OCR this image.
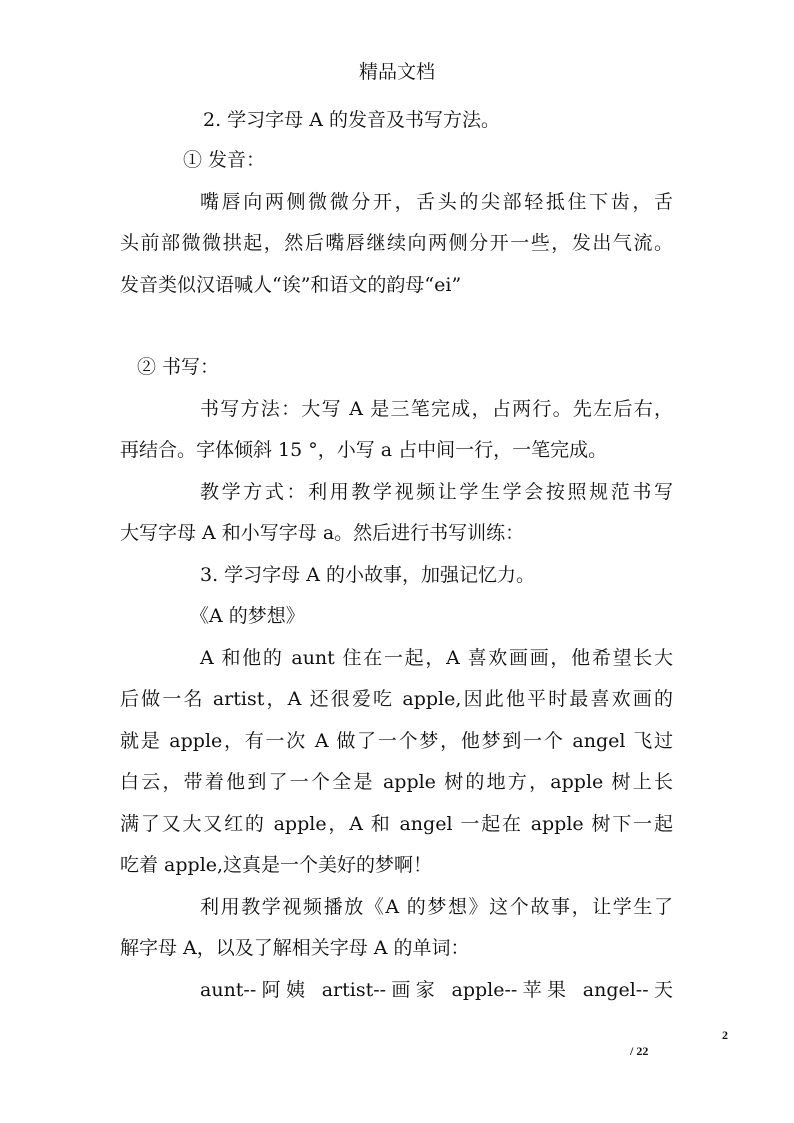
精品文档
2. 学习字母 A 的发音及书写方法。
① 发音：
嘴唇向两侧微微分开，舌头的尖部轻抵住下齿，舌
头前部微微拱起，然后嘴唇继续向两侧分开一些，发出气流。
发音类似汉语喊人“诶”和语文的韵母“ei”
② 书写：
书写方法：大写 A 是三笔完成，占两行。先左后右，
再结合。字体倾斜 15 °，小写 a 占中间一行，一笔完成。
教学方式：利用教学视频让学生学会按照规范书写
大写字母 A 和小写字母 a。然后进行书写训练：
3. 学习字母 A 的小故事，加强记忆力。
《A 的梦想》
A 和他的 aunt 住在一起，A 喜欢画画，他希望长大
后做一名 artist，A 还很爱吃 apple,因此他平时最喜欢画的
就是 apple，有一次 A 做了一个梦，他梦到一个 angel 飞过
白云，带着他到了一个全是 apple 树的地方，apple 树上长
满了又大又红的 apple，A 和 angel 一起在 apple 树下一起
吃着 apple,这真是一个美好的梦啊！
利用教学视频播放《A 的梦想》这个故事，让学生了
解字母 A，以及了解相关字母 A 的单词：
aunt--阿姨 artist--画家 apple--苹果 angel--天
2
/ 22
